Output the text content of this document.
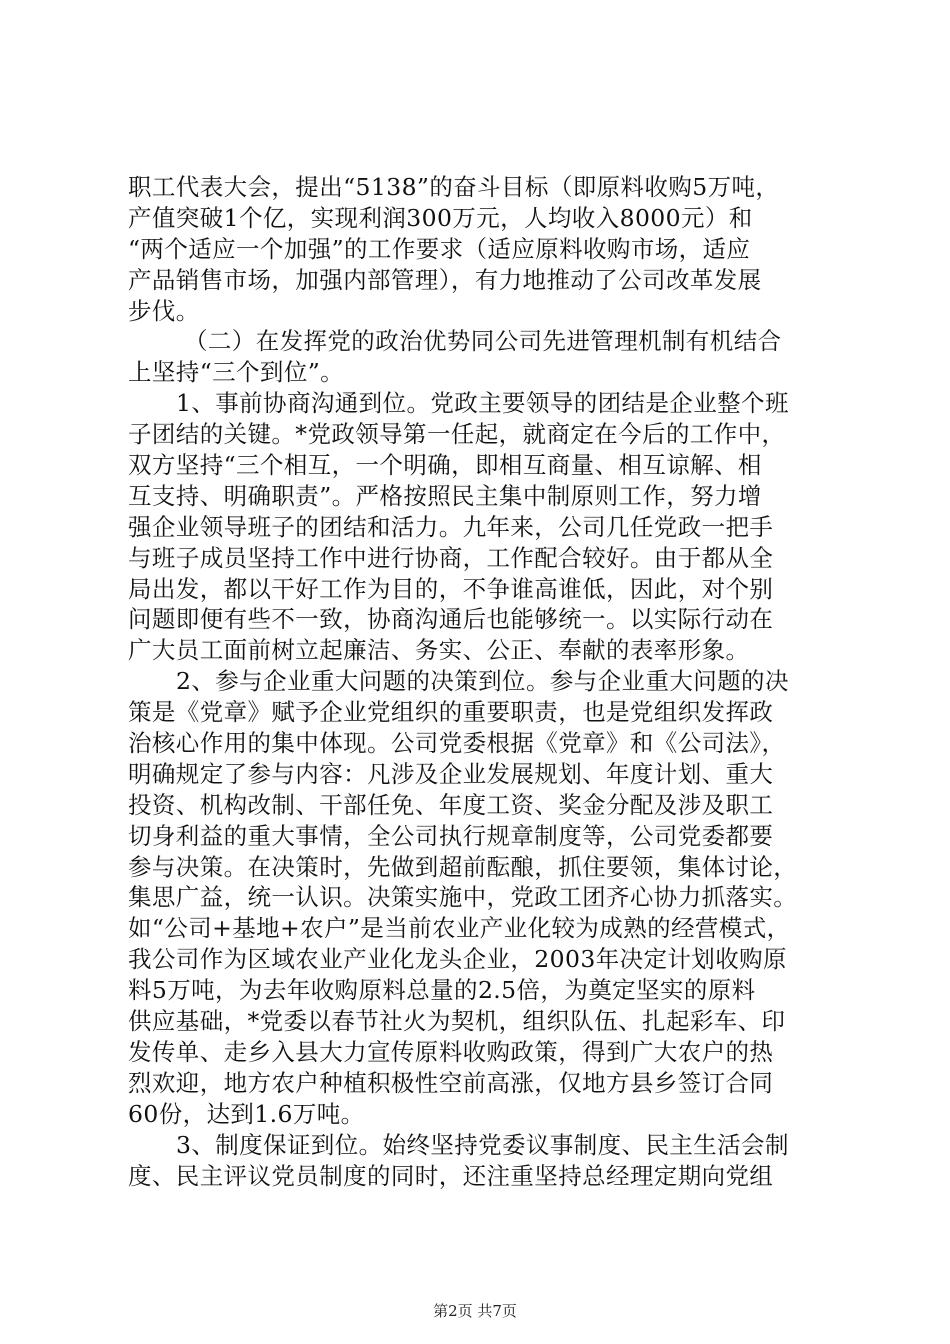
职工代表大会，提出“5138”的奋斗目标（即原料收购5万吨，
产值突破1个亿，实现利润300万元，人均收入8000元）和
“两个适应一个加强”的工作要求（适应原料收购市场，适应
产品销售市场，加强内部管理），有力地推动了公司改革发展
步伐。

（二）在发挥党的政治优势同公司先进管理机制有机结合
上坚持“三个到位”。

1、事前协商沟通到位。党政主要领导的团结是企业整个班
子团结的关键。*党政领导第一任起，就商定在今后的工作中，
双方坚持“三个相互，一个明确，即相互商量、相互谅解、相
互支持、明确职责”。严格按照民主集中制原则工作，努力增
强企业领导班子的团结和活力。九年来，公司几任党政一把手
与班子成员坚持工作中进行协商，工作配合较好。由于都从全
局出发，都以干好工作为目的，不争谁高谁低，因此，对个别
问题即便有些不一致，协商沟通后也能够统一。以实际行动在
广大员工面前树立起廉洁、务实、公正、奉献的表率形象。

2、参与企业重大问题的决策到位。参与企业重大问题的决
策是《党章》赋予企业党组织的重要职责，也是党组织发挥政
治核心作用的集中体现。公司党委根据《党章》和《公司法》，
明确规定了参与内容：凡涉及企业发展规划、年度计划、重大
投资、机构改制、干部任免、年度工资、奖金分配及涉及职工
切身利益的重大事情，全公司执行规章制度等，公司党委都要
参与决策。在决策时，先做到超前酝酿，抓住要领，集体讨论，
集思广益，统一认识。决策实施中，党政工团齐心协力抓落实。
如“公司+基地+农户”是当前农业产业化较为成熟的经营模式，
我公司作为区域农业产业化龙头企业，2003年决定计划收购原
料5万吨，为去年收购原料总量的2.5倍，为奠定坚实的原料
供应基础，*党委以春节社火为契机，组织队伍、扎起彩车、印
发传单、走乡入县大力宣传原料收购政策，得到广大农户的热
烈欢迎，地方农户种植积极性空前高涨，仅地方县乡签订合同
60份，达到1.6万吨。

3、制度保证到位。始终坚持党委议事制度、民主生活会制
度、民主评议党员制度的同时，还注重坚持总经理定期向党组

第2页 共7页
